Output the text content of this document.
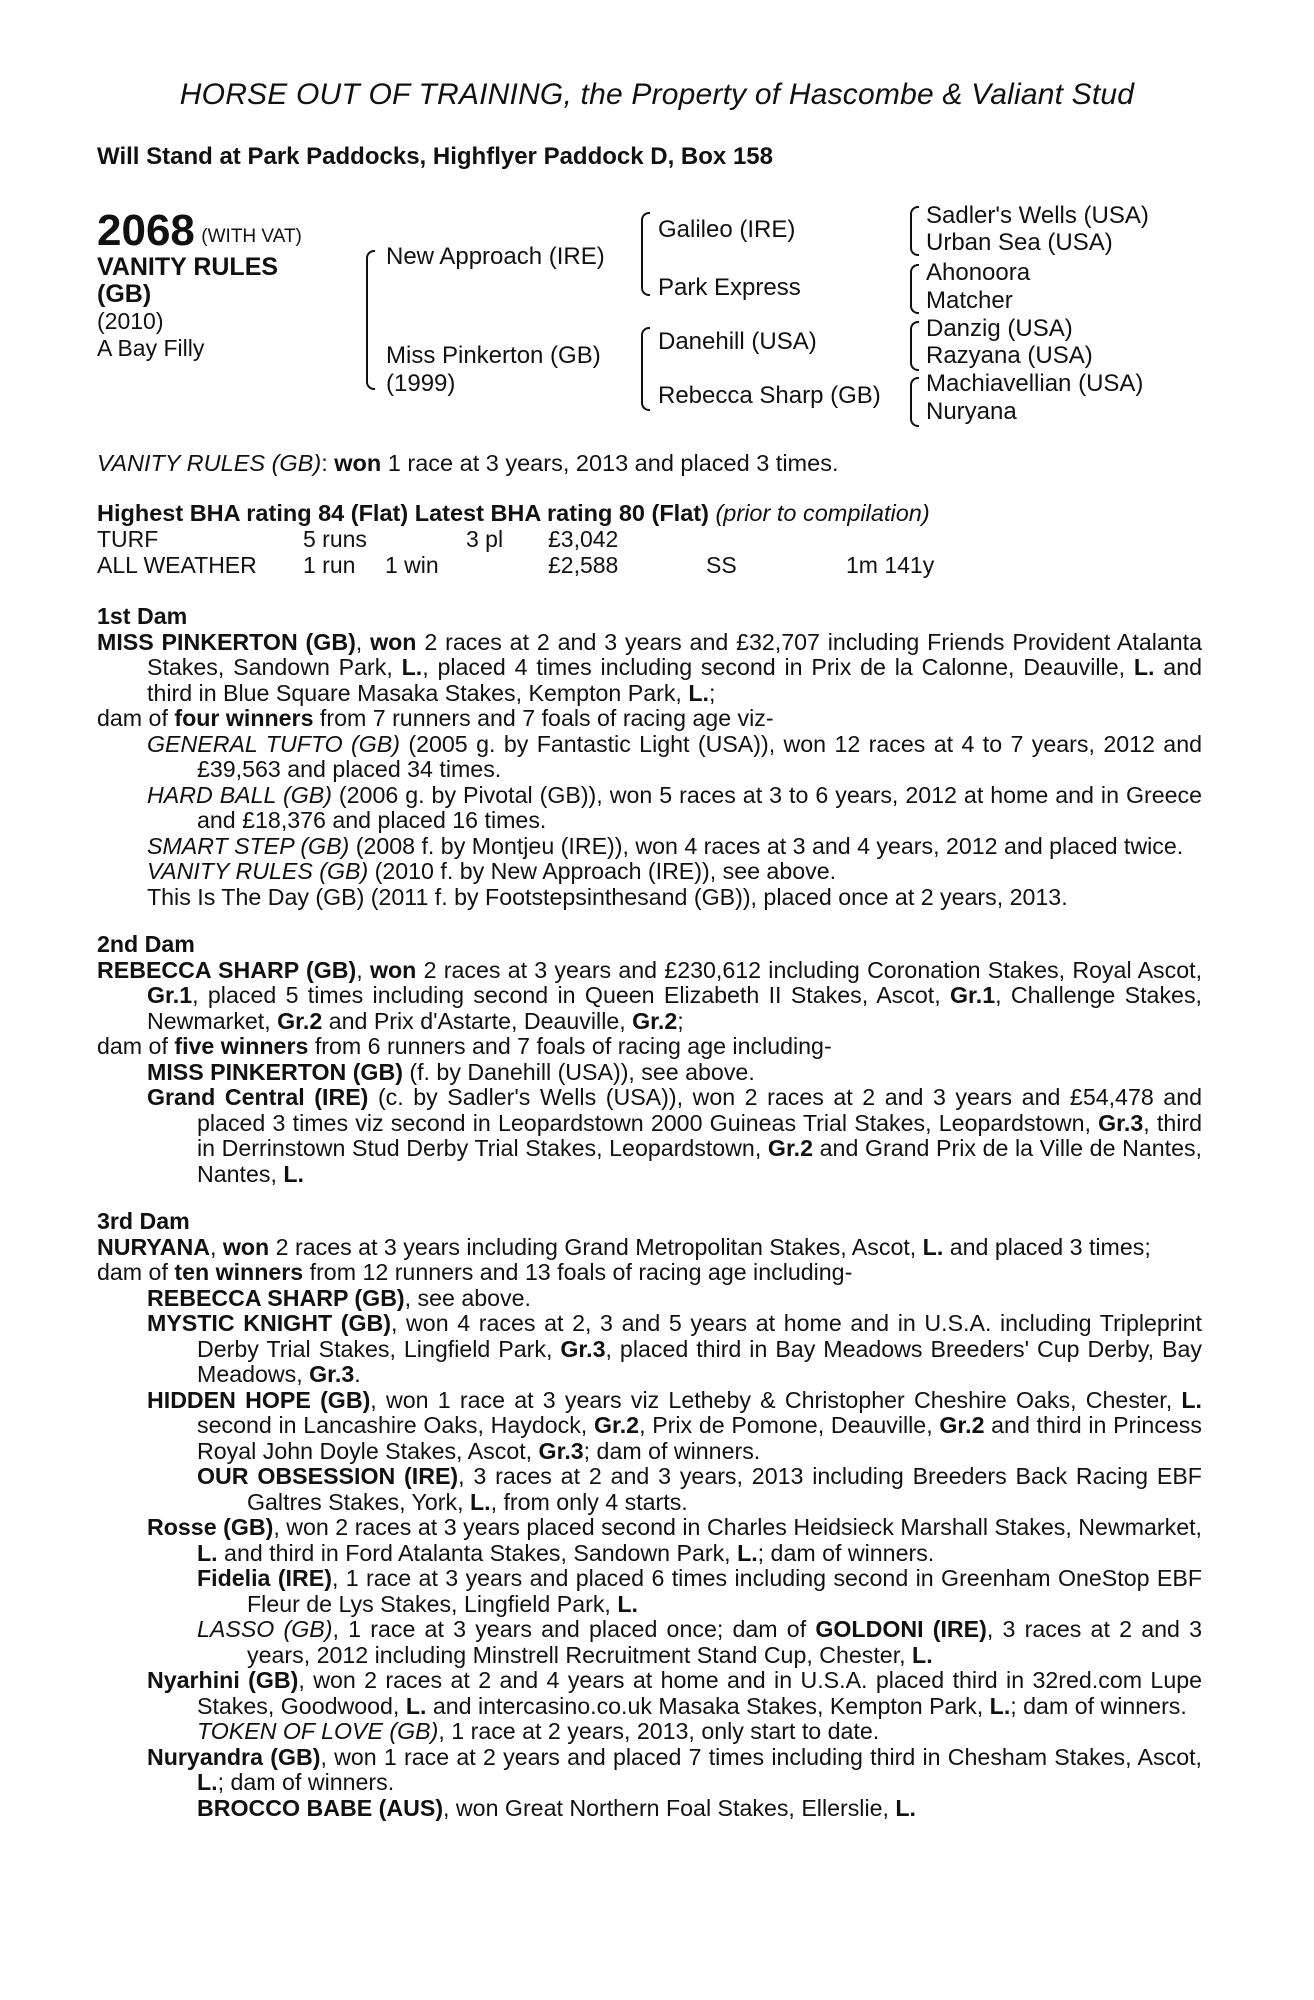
HORSE OUT OF TRAINING, the Property of Hascombe & Valiant Stud
Will Stand at Park Paddocks, Highflyer Paddock D, Box 158
2068 (WITH VAT)
VANITY RULES
(GB)
(2010)
A Bay Filly
New Approach (IRE)
Miss Pinkerton (GB)
(1999)
Galileo (IRE)
Park Express
Danehill (USA)
Rebecca Sharp (GB)
Sadler's Wells (USA)
Urban Sea (USA)
Ahonoora
Matcher
Danzig (USA)
Razyana (USA)
Machiavellian (USA)
Nuryana
VANITY RULES (GB): won 1 race at 3 years, 2013 and placed 3 times.
Highest BHA rating 84 (Flat) Latest BHA rating 80 (Flat) (prior to compilation)
TURF	5 runs	3 pl £3,042
ALL WEATHER 1 run 1 win	£2,588	SS	1m 141y

1st Dam

MISS PINKERTON (GB), won 2 races at 2 and 3 years and £32,707 including Friends Provident Atalanta Stakes, Sandown Park, L., placed 4 times including second in Prix de la Calonne, Deauville, L. and third in Blue Square Masaka Stakes, Kempton Park, L.;

dam of four winners from 7 runners and 7 foals of racing age viz-

GENERAL TUFTO (GB) (2005 g. by Fantastic Light (USA)), won 12 races at 4 to 7 years, 2012 and £39,563 and placed 34 times.

HARD BALL (GB) (2006 g. by Pivotal (GB)), won 5 races at 3 to 6 years, 2012 at home and in Greece and £18,376 and placed 16 times.

SMART STEP (GB) (2008 f. by Montjeu (IRE)), won 4 races at 3 and 4 years, 2012 and placed twice.

VANITY RULES (GB) (2010 f. by New Approach (IRE)), see above.

This Is The Day (GB) (2011 f. by Footstepsinthesand (GB)), placed once at 2 years, 2013.

2nd Dam

REBECCA SHARP (GB), won 2 races at 3 years and £230,612 including Coronation Stakes, Royal Ascot, Gr.1, placed 5 times including second in Queen Elizabeth II Stakes, Ascot, Gr.1, Challenge Stakes, Newmarket, Gr.2 and Prix d'Astarte, Deauville, Gr.2;

dam of five winners from 6 runners and 7 foals of racing age including-

MISS PINKERTON (GB) (f. by Danehill (USA)), see above.

Grand Central (IRE) (c. by Sadler's Wells (USA)), won 2 races at 2 and 3 years and £54,478 and placed 3 times viz second in Leopardstown 2000 Guineas Trial Stakes, Leopardstown, Gr.3, third in Derrinstown Stud Derby Trial Stakes, Leopardstown, Gr.2 and Grand Prix de la Ville de Nantes, Nantes, L.

3rd Dam

NURYANA, won 2 races at 3 years including Grand Metropolitan Stakes, Ascot, L. and placed 3 times;

dam of ten winners from 12 runners and 13 foals of racing age including-

REBECCA SHARP (GB), see above.

MYSTIC KNIGHT (GB), won 4 races at 2, 3 and 5 years at home and in U.S.A. including Tripleprint Derby Trial Stakes, Lingfield Park, Gr.3, placed third in Bay Meadows Breeders' Cup Derby, Bay Meadows, Gr.3.

HIDDEN HOPE (GB), won 1 race at 3 years viz Letheby & Christopher Cheshire Oaks, Chester, L. second in Lancashire Oaks, Haydock, Gr.2, Prix de Pomone, Deauville, Gr.2 and third in Princess Royal John Doyle Stakes, Ascot, Gr.3; dam of winners.

OUR OBSESSION (IRE), 3 races at 2 and 3 years, 2013 including Breeders Back Racing EBF Galtres Stakes, York, L., from only 4 starts.

Rosse (GB), won 2 races at 3 years placed second in Charles Heidsieck Marshall Stakes, Newmarket, L. and third in Ford Atalanta Stakes, Sandown Park, L.; dam of winners.

Fidelia (IRE), 1 race at 3 years and placed 6 times including second in Greenham OneStop EBF Fleur de Lys Stakes, Lingfield Park, L.

LASSO (GB), 1 race at 3 years and placed once; dam of GOLDONI (IRE), 3 races at 2 and 3 years, 2012 including Minstrell Recruitment Stand Cup, Chester, L.

Nyarhini (GB), won 2 races at 2 and 4 years at home and in U.S.A. placed third in 32red.com Lupe Stakes, Goodwood, L. and intercasino.co.uk Masaka Stakes, Kempton Park, L.; dam of winners.

TOKEN OF LOVE (GB), 1 race at 2 years, 2013, only start to date.

Nuryandra (GB), won 1 race at 2 years and placed 7 times including third in Chesham Stakes, Ascot, L.; dam of winners.

BROCCO BABE (AUS), won Great Northern Foal Stakes, Ellerslie, L.
